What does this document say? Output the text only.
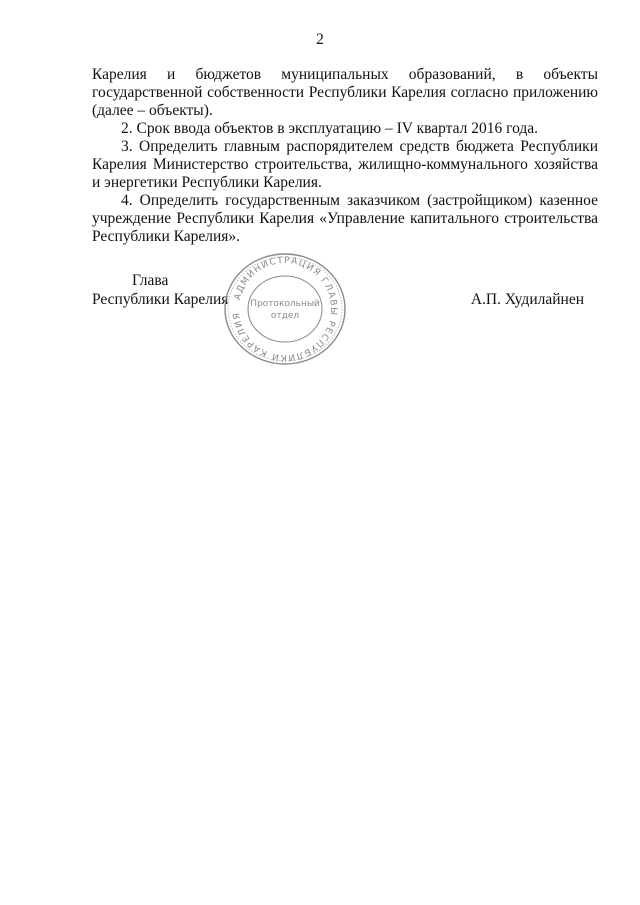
2

Карелия и бюджетов муниципальных образований, в объекты государственной собственности Республики Карелия согласно приложению (далее – объекты).

2. Срок ввода объектов в эксплуатацию – IV квартал 2016 года.

3. Определить главным распорядителем средств бюджета Республики Карелия Министерство строительства, жилищно-коммунального хозяйства и энергетики Республики Карелия.

4. Определить государственным заказчиком (застройщиком) казенное учреждение Республики Карелия «Управление капитального строительства Республики Карелия».

Глава
Республики Карелия	А.П. Худилайнен
АДМИНИСТРАЦИЯ ГЛАВЫ РЕСПУБЛИКИ КАРЕЛИЯ
Протокольный
отдел
